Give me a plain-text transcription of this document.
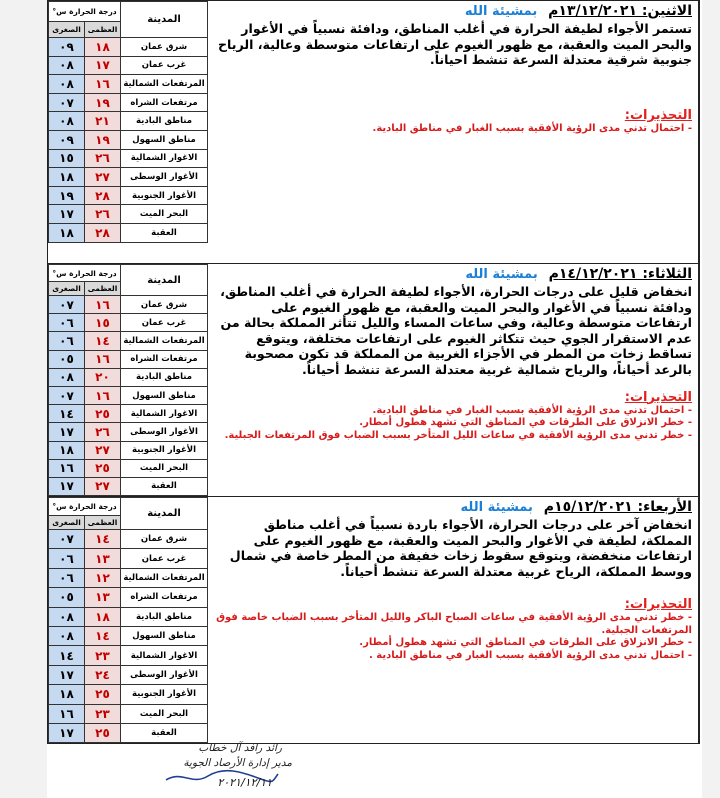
المدينة	درجة الحرارة س°	
	العظمى	الصغرى
شرق عمان	١٨	٠٩
غرب عمان	١٧	٠٨
المرتفعات الشمالية	١٦	٠٨
مرتفعات الشراه	١٩	٠٧
مناطق البادية	٢١	٠٨
مناطق السهول	١٩	٠٩
الاغوار الشمالية	٢٦	١٥
الأغوار الوسطى	٢٧	١٨
الأغوار الجنوبية	٢٨	١٩
البحر الميت	٢٦	١٧
العقبة	٢٨	١٨
الاثنين: ١٣/١٢/٢٠٢١م بمشيئة الله
تستمر الأجواء لطيفة الحرارة في أغلب المناطق، ودافئة نسبياً في الأغوار والبحر الميت والعقبة، مع ظهور الغيوم على ارتفاعات متوسطة وعالية، الرياح جنوبية شرقية معتدلة السرعة تنشط احياناً.
التحذيرات:
- احتمال تدني مدى الرؤية الأفقية بسبب الغبار في مناطق البادية.
المدينة	درجة الحرارة س°	
	العظمى	الصغرى
شرق عمان	١٦	٠٧
غرب عمان	١٥	٠٦
المرتفعات الشمالية	١٤	٠٦
مرتفعات الشراه	١٦	٠٥
مناطق البادية	٢٠	٠٨
مناطق السهول	١٦	٠٧
الاغوار الشمالية	٢٥	١٤
الأغوار الوسطى	٢٦	١٧
الأغوار الجنوبية	٢٧	١٨
البحر الميت	٢٥	١٦
العقبة	٢٧	١٧
الثلاثاء: ١٤/١٢/٢٠٢١م بمشيئة الله
انخفاض قليل على درجات الحرارة، الأجواء لطيفة الحرارة في أغلب المناطق، ودافئة نسبياً في الأغوار والبحر الميت والعقبة، مع ظهور الغيوم على ارتفاعات متوسطة وعالية، وفي ساعات المساء والليل تتأثر المملكة بحالة من عدم الاستقرار الجوي حيث تتكاثر الغيوم على ارتفاعات مختلفة، ويتوقع تساقط زخات من المطر في الأجزاء الغربية من المملكة قد تكون مصحوبة بالرعد أحياناً، والرياح شمالية غربية معتدلة السرعة تنشط أحياناً.
التحذيرات:
- احتمال تدني مدى الرؤية الأفقية بسبب الغبار في مناطق البادية.
- خطر الانزلاق على الطرقات في المناطق التي تشهد هطول أمطار.
- خطر تدني مدى الرؤية الأفقية في ساعات الليل المتأخر بسبب الضباب فوق المرتفعات الجبلية.
المدينة	درجة الحرارة س°	
	العظمى	الصغرى
شرق عمان	١٤	٠٧
غرب عمان	١٣	٠٦
المرتفعات الشمالية	١٢	٠٦
مرتفعات الشراه	١٣	٠٥
مناطق البادية	١٨	٠٨
مناطق السهول	١٤	٠٨
الاغوار الشمالية	٢٣	١٤
الأغوار الوسطى	٢٤	١٧
الأغوار الجنوبية	٢٥	١٨
البحر الميت	٢٣	١٦
العقبة	٢٥	١٧
الأربعاء: ١٥/١٢/٢٠٢١م بمشيئة الله
انخفاض آخر على درجات الحرارة، الأجواء باردة نسبياً في أغلب مناطق المملكة، لطيفة في الأغوار والبحر الميت والعقبة، مع ظهور الغيوم على ارتفاعات منخفضة، ويتوقع سقوط زخات خفيفة من المطر خاصة في شمال ووسط المملكة، الرياح غربية معتدلة السرعة تنشط أحياناً.
التحذيرات:
- خطر تدني مدى الرؤية الأفقية في ساعات الصباح الباكر والليل المتأخر بسبب الضباب خاصة فوق المرتفعات الجبلية.
- خطر الانزلاق على الطرقات في المناطق التي تشهد هطول أمطار.
- احتمال تدني مدى الرؤية الأفقية بسبب الغبار في مناطق البادية .
رائد رافد آل خطاب
مدير إدارة الأرصاد الجوية
٢٠٢١/١٢/١١
